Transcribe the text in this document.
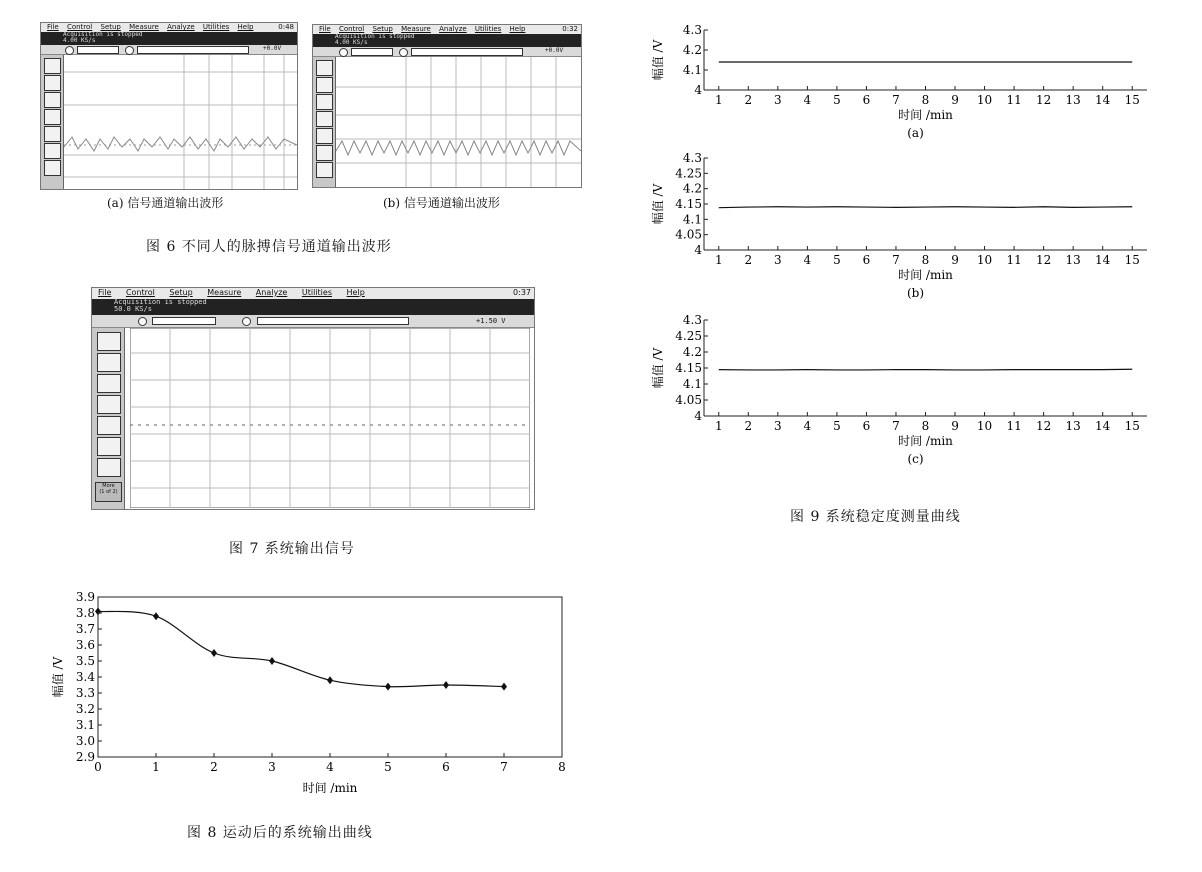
File Control Setup Measure Analyze Utilities Help	0:48
Acquisition is stopped
4.00 KS/s
+0.0V
(a) 信号通道输出波形
File Control Setup Measure Analyze Utilities Help	0:32
Acquisition is stopped
4.00 KS/s
+0.0V
(b) 信号通道输出波形
图 6 不同人的脉搏信号通道输出波形
File Control Setup Measure Analyze Utilities Help	0:37
Acquisition is stopped
50.0 KS/s
+1.50 V
More
(1 of 2)
图 7 系统输出信号
0	1	2	3	4	5	6	7	8
2.9
3.0
3.1
3.2
3.3
3.4
3.5
3.6
3.7
3.8
3.9
时间 /min
幅值 /V
图 8 运动后的系统输出曲线
4
4.1
4.2
4.3
1 2 3 4 5 6 7 8 9 10 11 12 13 14 15
时间 /min
幅值 /V
(a)
4
4.05
4.1
4.15
4.2
4.25
4.3
1 2 3 4 5 6 7 8 9 10 11 12 13 14 15
时间 /min
幅值 /V
(b)
4
4.05
4.1
4.15
4.2
4.25
4.3
1 2 3 4 5 6 7 8 9 10 11 12 13 14 15
时间 /min
幅值 /V
(c)
图 9 系统稳定度测量曲线
